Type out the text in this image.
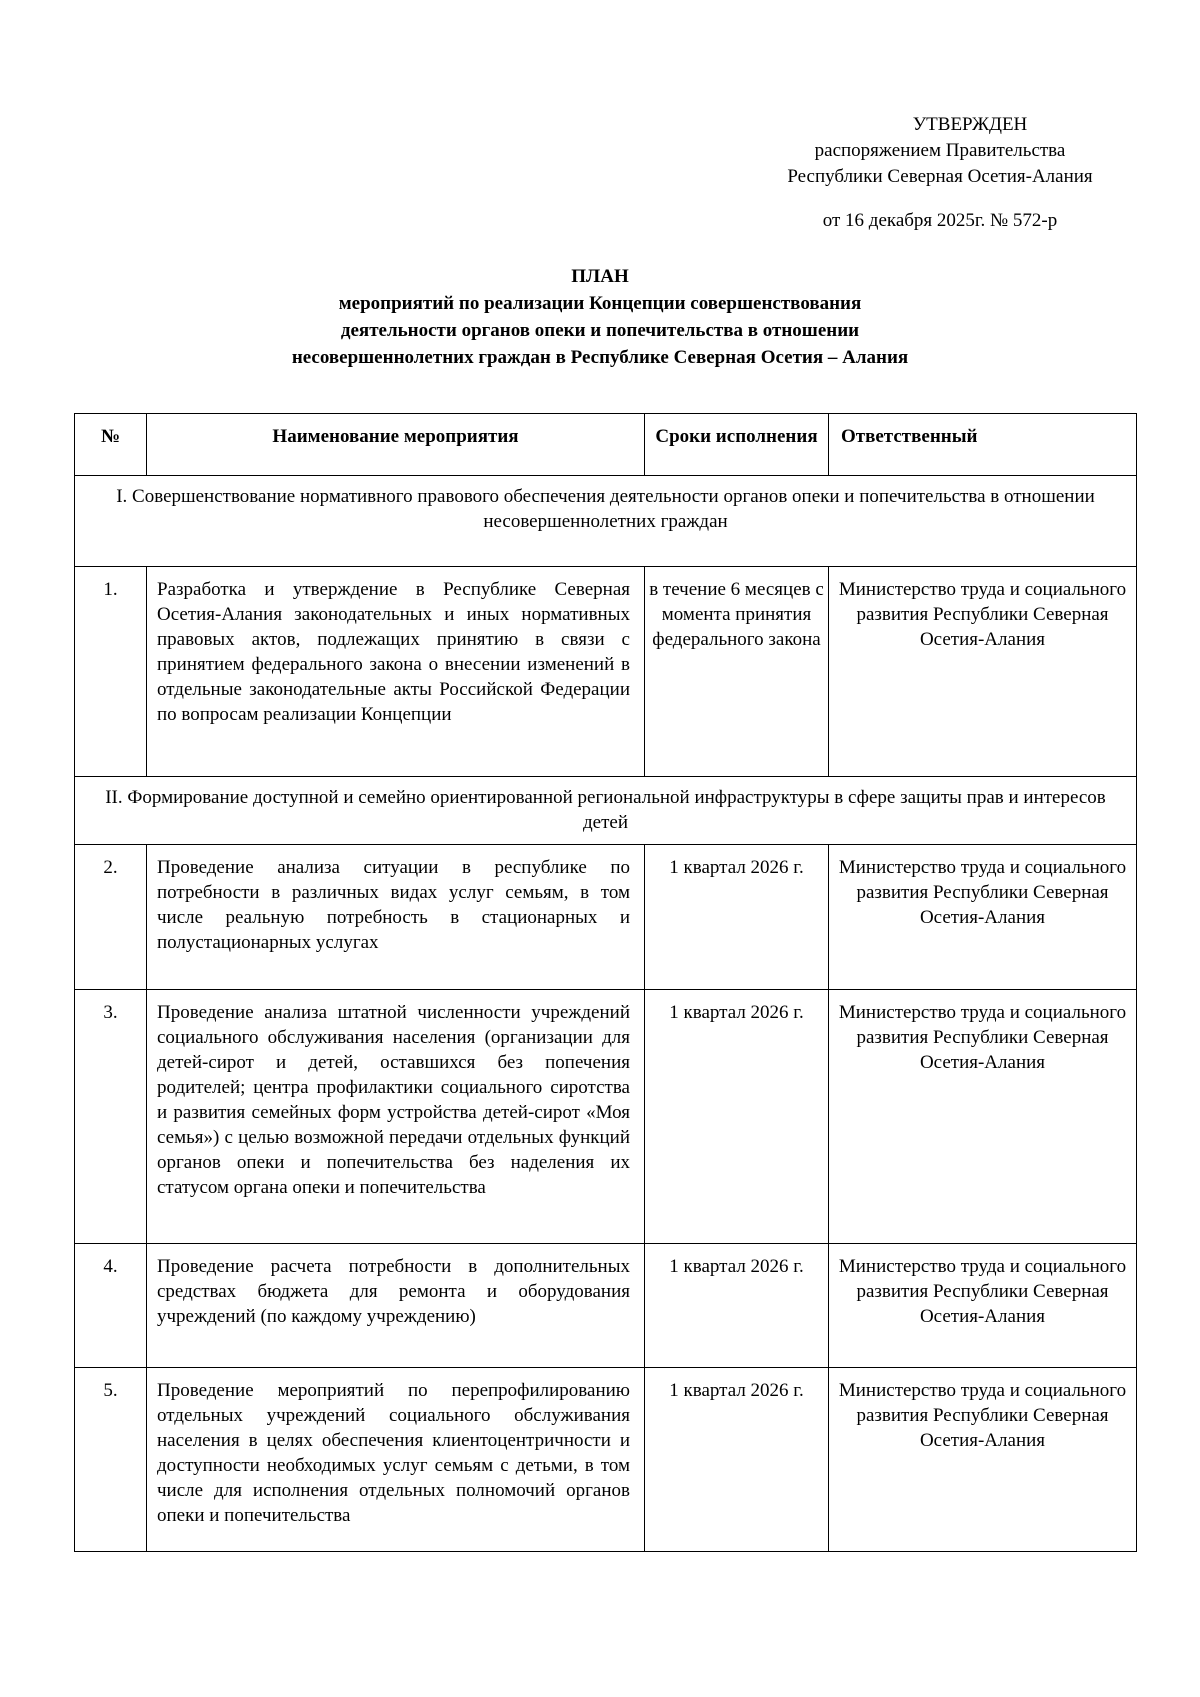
УТВЕРЖДЕН
распоряжением Правительства
Республики Северная Осетия-Алания
от 16 декабря 2025г. № 572-р
ПЛАН
мероприятий по реализации Концепции совершенствования
деятельности органов опеки и попечительства в отношении
несовершеннолетних граждан в Республике Северная Осетия – Алания
№	Наименование мероприятия	Сроки исполнения	Ответственный
I. Совершенствование нормативного правового обеспечения деятельности органов опеки и попечительства в отношении несовершеннолетних граждан			
1.	Разработка и утверждение в Республике Северная Осетия-Алания законодательных и иных нормативных правовых актов, подлежащих принятию в связи с принятием федерального закона о внесении изменений в отдельные законодательные акты Российской Федерации по вопросам реализации Концепции	в течение 6 месяцев с момента принятия федерального закона	Министерство труда и социального развития Республики Северная Осетия-Алания
II. Формирование доступной и семейно ориентированной региональной инфраструктуры в сфере защиты прав и интересов детей			
2.	Проведение анализа ситуации в республике по потребности в различных видах услуг семьям, в том числе реальную потребность в стационарных и полустационарных услугах	1 квартал 2026 г.	Министерство труда и социального развития Республики Северная Осетия-Алания
3.	Проведение анализа штатной численности учреждений социального обслуживания населения (организации для детей-сирот и детей, оставшихся без попечения родителей; центра профилактики социального сиротства и развития семейных форм устройства детей-сирот «Моя семья») с целью возможной передачи отдельных функций органов опеки и попечительства без наделения их статусом органа опеки и попечительства	1 квартал 2026 г.	Министерство труда и социального развития Республики Северная Осетия-Алания
4.	Проведение расчета потребности в дополнительных средствах бюджета для ремонта и оборудования учреждений (по каждому учреждению)	1 квартал 2026 г.	Министерство труда и социального развития Республики Северная Осетия-Алания
5.	Проведение мероприятий по перепрофилированию отдельных учреждений социального обслуживания населения в целях обеспечения клиентоцентричности и доступности необходимых услуг семьям с детьми, в том числе для исполнения отдельных полномочий органов опеки и попечительства	1 квартал 2026 г.	Министерство труда и социального развития Республики Северная Осетия-Алания
